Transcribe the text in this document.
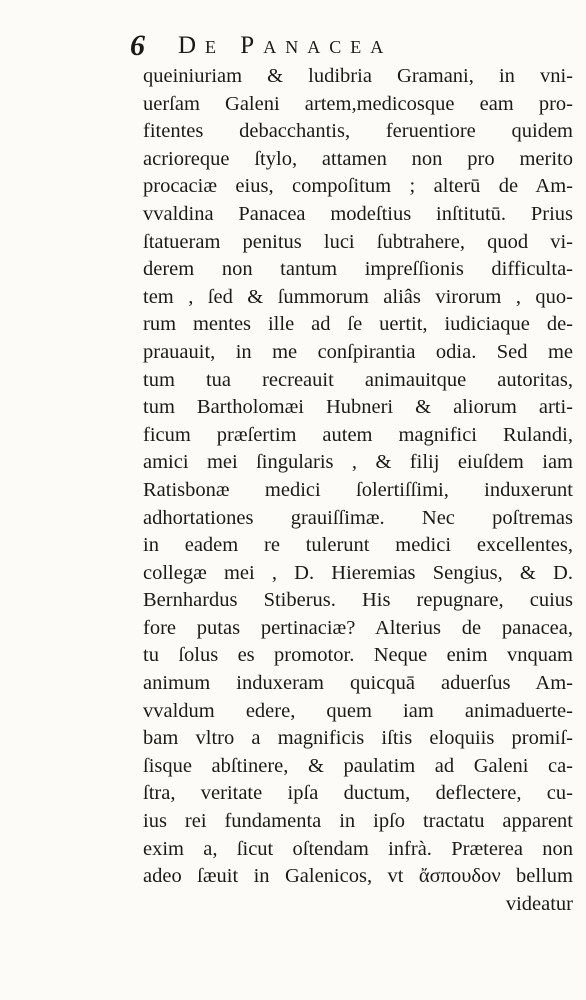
6 De Panacea
queiniuriam & ludibria Gramani, in vni-
uerſam Galeni artem,medicosque eam pro-
fitentes debacchantis, feruentiore quidem
acrioreque ſtylo, attamen non pro merito
procaciæ eius, compoſitum ; alterū de Am-
vvaldina Panacea modeſtius inſtitutū. Prius
ſtatueram penitus luci ſubtrahere, quod vi-
derem non tantum impreſſionis difficulta-
tem , ſed & ſummorum aliâs virorum , quo-
rum mentes ille ad ſe uertit, iudiciaque de-
prauauit, in me conſpirantia odia. Sed me
tum tua recreauit animauitque autoritas,
tum Bartholomæi Hubneri & aliorum arti-
ficum præſertim autem magnifici Rulandi,
amici mei ſingularis , & filij eiuſdem iam
Ratisbonæ medici ſolertiſſimi, induxerunt
adhortationes grauiſſimæ. Nec poſtremas
in eadem re tulerunt medici excellentes,
collegæ mei , D. Hieremias Sengius, & D.
Bernhardus Stiberus. His repugnare, cuius
fore putas pertinaciæ? Alterius de panacea,
tu ſolus es promotor. Neque enim vnquam
animum induxeram quicquā aduerſus Am-
vvaldum edere, quem iam animaduerte-
bam vltro a magnificis iſtis eloquiis promiſ-
ſisque abſtinere, & paulatim ad Galeni ca-
ſtra, veritate ipſa ductum, deflectere, cu-
ius rei fundamenta in ipſo tractatu apparent
exim a, ſicut oſtendam infrà. Præterea non
adeo ſæuit in Galenicos, vt ἄσπουδον bellum
videatur
